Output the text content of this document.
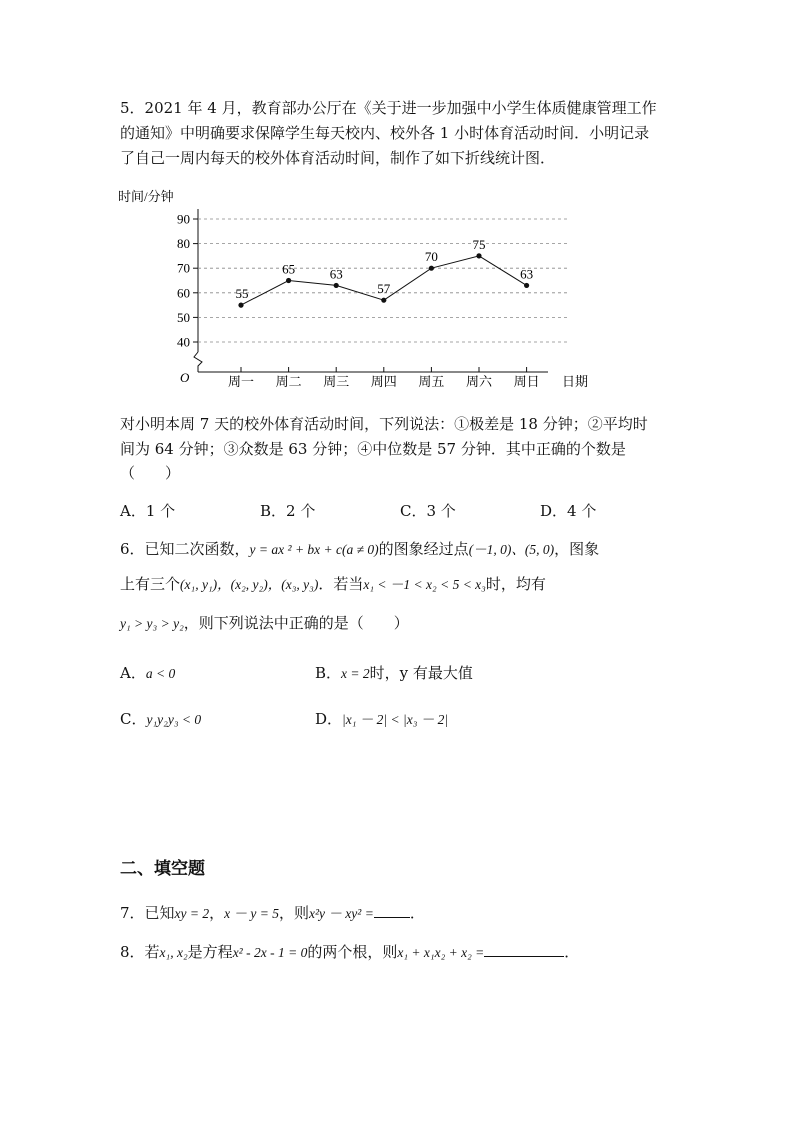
5．2021 年 4 月，教育部办公厅在《关于进一步加强中小学生体质健康管理工作

的通知》中明确要求保障学生每天校内、校外各 1 小时体育活动时间．小明记录

了自己一周内每天的校外体育活动时间，制作了如下折线统计图．

时间/分钟
O	日期
40
50
60
70
80
90
周一 周二 周三 周四 周五 周六 周日
55
65	63
57
70
75
63

对小明本周 7 天的校外体育活动时间，下列说法：①极差是 18 分钟；②平均时

间为 64 分钟；③众数是 63 分钟；④中位数是 57 分钟．其中正确的个数是

（　　）

A．1 个	B．2 个	C．3 个	D．4 个
6．已知二次函数，y = ax ² + bx + c(a ≠ 0)的图象经过点(－1, 0)、(5, 0)，图象
上有三个(x₁, y₁)，(x₂, y₂)，(x₃, y₃)．若当x₁ < －1 < x₂ < 5 < x₃时，均有
y₁ > y₃ > y₂，则下列说法中正确的是（　　）
A．a < 0	B．x = 2时，y 有最大值
C．y₁y₂y₃ < 0	D．|x₁ － 2| < |x₃ － 2|
二、填空题
7．已知xy = 2，x － y = 5，则x²y － xy² = ．
8．若x₁, x₂是方程x² - 2x - 1 = 0的两个根，则x₁ + x₁x₂ + x₂ =	．
